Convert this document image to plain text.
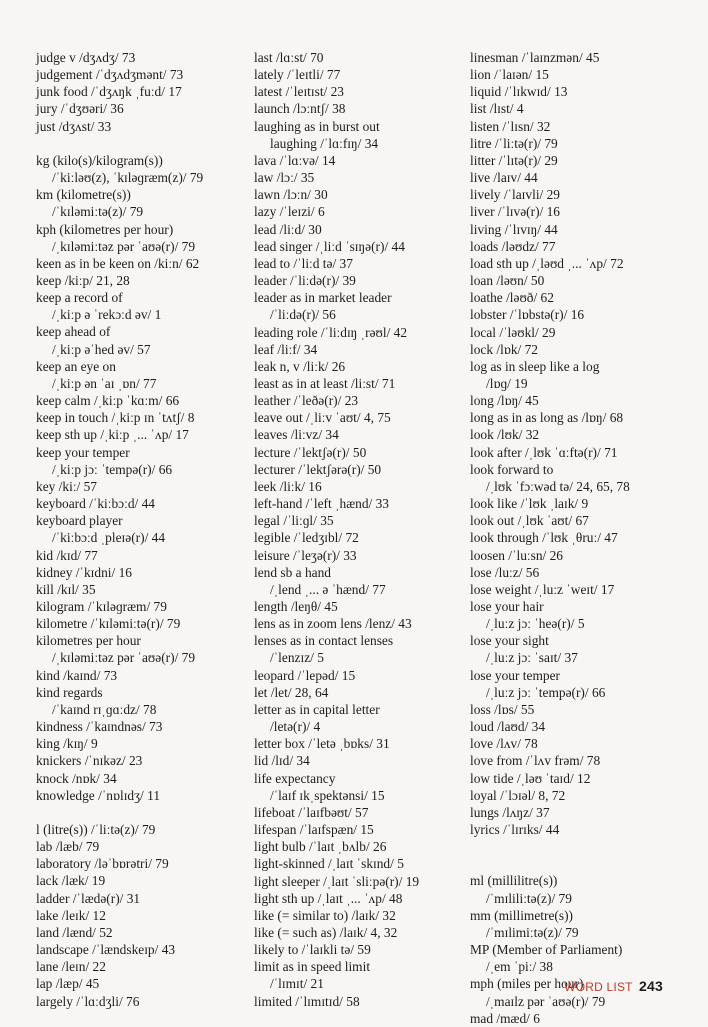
judge v /dʒʌdʒ/ 73
judgement /ˈdʒʌdʒmənt/ 73
junk food /ˈdʒʌŋk ˌfuːd/ 17
jury /ˈdʒʊəri/ 36
just /dʒʌst/ 33
kg (kilo(s)/kilogram(s))
/ˈkiːləʊ(z), ˈkɪləɡræm(z)/ 79
km (kilometre(s))
/ˈkɪləmiːtə(z)/ 79
kph (kilometres per hour)
/ˌkɪləmiːtəz pər ˈaʊə(r)/ 79
keen as in be keen on /kiːn/ 62
keep /kiːp/ 21, 28
keep a record of
/ˌkiːp ə ˈrekɔːd əv/ 1
keep ahead of
/ˌkiːp əˈhed əv/ 57
keep an eye on
/ˌkiːp ən ˈaɪ ˌɒn/ 77
keep calm /ˌkiːp ˈkɑːm/ 66
keep in touch /ˌkiːp ɪn ˈtʌtʃ/ 8
keep sth up /ˌkiːp ˌ... ˈʌp/ 17
keep your temper
/ˌkiːp jɔː ˈtempə(r)/ 66
key /kiː/ 57
keyboard /ˈkiːbɔːd/ 44
keyboard player
/ˈkiːbɔːd ˌpleɪə(r)/ 44
kid /kɪd/ 77
kidney /ˈkɪdni/ 16
kill /kɪl/ 35
kilogram /ˈkɪləɡræm/ 79
kilometre /ˈkɪləmiːtə(r)/ 79
kilometres per hour
/ˌkɪləmiːtəz pər ˈaʊə(r)/ 79
kind /kaɪnd/ 73
kind regards
/ˈkaɪnd rɪˌɡɑːdz/ 78
kindness /ˈkaɪndnəs/ 73
king /kɪŋ/ 9
knickers /ˈnɪkəz/ 23
knock /nɒk/ 34
knowledge /ˈnɒlɪdʒ/ 11
l (litre(s)) /ˈliːtə(z)/ 79
lab /læb/ 79
laboratory /ləˈbɒrətri/ 79
lack /læk/ 19
ladder /ˈlædə(r)/ 31
lake /leɪk/ 12
land /lænd/ 52
landscape /ˈlændskeɪp/ 43
lane /leɪn/ 22
lap /læp/ 45
largely /ˈlɑːdʒli/ 76
last /lɑːst/ 70
lately /ˈleɪtli/ 77
latest /ˈleɪtɪst/ 23
launch /lɔːntʃ/ 38
laughing as in burst out
laughing /ˈlɑːfɪŋ/ 34
lava /ˈlɑːvə/ 14
law /lɔː/ 35
lawn /lɔːn/ 30
lazy /ˈleɪzi/ 6
lead /liːd/ 30
lead singer /ˌliːd ˈsɪŋə(r)/ 44
lead to /ˈliːd tə/ 37
leader /ˈliːdə(r)/ 39
leader as in market leader
/ˈliːdə(r)/ 56
leading role /ˈliːdɪŋ ˌrəʊl/ 42
leaf /liːf/ 34
leak n, v /liːk/ 26
least as in at least /liːst/ 71
leather /ˈleðə(r)/ 23
leave out /ˌliːv ˈaʊt/ 4, 75
leaves /liːvz/ 34
lecture /ˈlektʃə(r)/ 50
lecturer /ˈlektʃərə(r)/ 50
leek /liːk/ 16
left-hand /ˈleft ˌhænd/ 33
legal /ˈliːɡl/ 35
legible /ˈledʒɪbl/ 72
leisure /ˈleʒə(r)/ 33
lend sb a hand
/ˌlend ˌ... ə ˈhænd/ 77
length /leŋθ/ 45
lens as in zoom lens /lenz/ 43
lenses as in contact lenses
/ˈlenzɪz/ 5
leopard /ˈlepəd/ 15
let /let/ 28, 64
letter as in capital letter
/letə(r)/ 4
letter box /ˈletə ˌbɒks/ 31
lid /lɪd/ 34
life expectancy
/ˈlaɪf ɪkˌspektənsi/ 15
lifeboat /ˈlaɪfbəʊt/ 57
lifespan /ˈlaɪfspæn/ 15
light bulb /ˈlaɪt ˌbʌlb/ 26
light-skinned /ˌlaɪt ˈskɪnd/ 5
light sleeper /ˌlaɪt ˈsliːpə(r)/ 19
light sth up /ˌlaɪt ˌ... ˈʌp/ 48
like (= similar to) /laɪk/ 32
like (= such as) /laɪk/ 4, 32
likely to /ˈlaɪkli tə/ 59
limit as in speed limit
/ˈlɪmɪt/ 21
limited /ˈlɪmɪtɪd/ 58
linesman /ˈlaɪnzmən/ 45
lion /ˈlaɪən/ 15
liquid /ˈlɪkwɪd/ 13
list /lɪst/ 4
listen /ˈlɪsn/ 32
litre /ˈliːtə(r)/ 79
litter /ˈlɪtə(r)/ 29
live /laɪv/ 44
lively /ˈlaɪvli/ 29
liver /ˈlɪvə(r)/ 16
living /ˈlɪvɪŋ/ 44
loads /ləʊdz/ 77
load sth up /ˌləʊd ˌ... ˈʌp/ 72
loan /ləʊn/ 50
loathe /ləʊð/ 62
lobster /ˈlɒbstə(r)/ 16
local /ˈləʊkl/ 29
lock /lɒk/ 72
log as in sleep like a log
/lɒɡ/ 19
long /lɒŋ/ 45
long as in as long as /lɒŋ/ 68
look /lʊk/ 32
look after /ˌlʊk ˈɑːftə(r)/ 71
look forward to
/ˌlʊk ˈfɔːwəd tə/ 24, 65, 78
look like /ˈlʊk ˌlaɪk/ 9
look out /ˌlʊk ˈaʊt/ 67
look through /ˈlʊk ˌθruː/ 47
loosen /ˈluːsn/ 26
lose /luːz/ 56
lose weight /ˌluːz ˈweɪt/ 17
lose your hair
/ˌluːz jɔː ˈheə(r)/ 5
lose your sight
/ˌluːz jɔː ˈsaɪt/ 37
lose your temper
/ˌluːz jɔː ˈtempə(r)/ 66
loss /lɒs/ 55
loud /laʊd/ 34
love /lʌv/ 78
love from /ˈlʌv frəm/ 78
low tide /ˌləʊ ˈtaɪd/ 12
loyal /ˈlɔɪəl/ 8, 72
lungs /lʌŋz/ 37
lyrics /ˈlɪrɪks/ 44
ml (millilitre(s))
/ˈmɪliliːtə(z)/ 79
mm (millimetre(s))
/ˈmɪlimiːtə(z)/ 79
MP (Member of Parliament)
/ˌem ˈpiː/ 38
mph (miles per hour)
/ˌmaɪlz pər ˈaʊə(r)/ 79
mad /mæd/ 6
WORD LIST 243
